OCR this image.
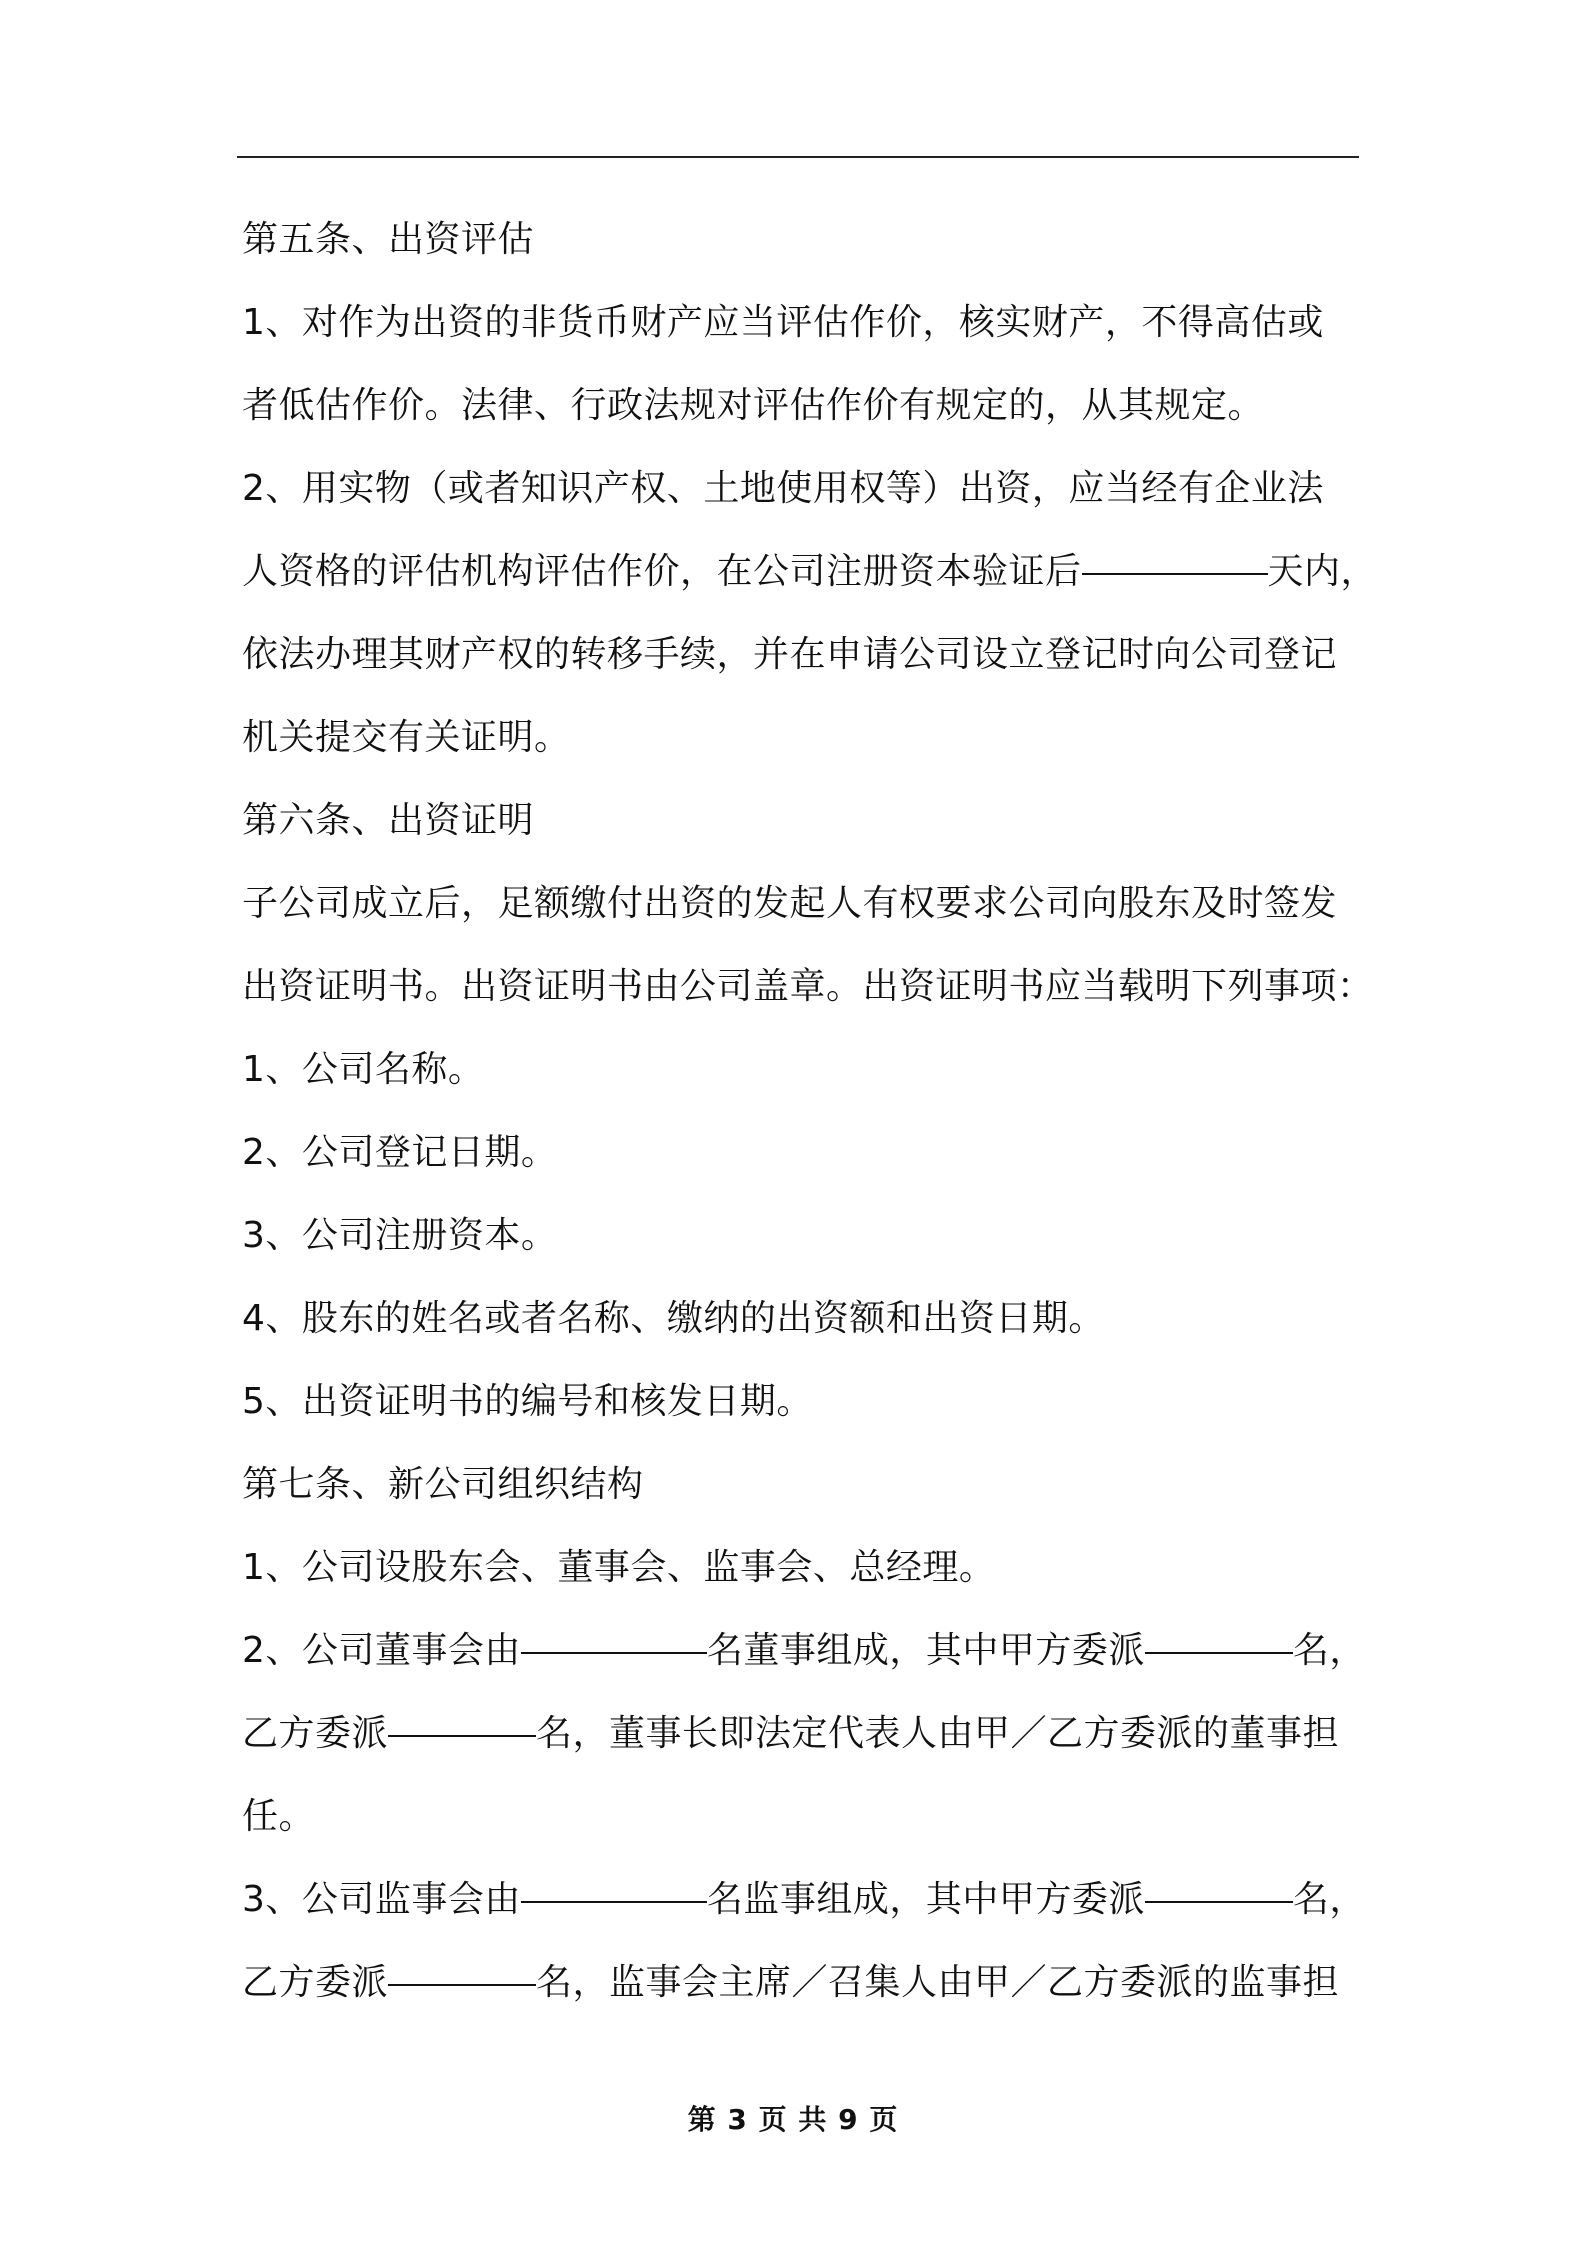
第五条、出资评估
1、对作为出资的非货币财产应当评估作价，核实财产，不得高估或
者低估作价。法律、行政法规对评估作价有规定的，从其规定。
2、用实物（或者知识产权、土地使用权等）出资，应当经有企业法
人资格的评估机构评估作价，在公司注册资本验证后	天内，
依法办理其财产权的转移手续，并在申请公司设立登记时向公司登记
机关提交有关证明。
第六条、出资证明
子公司成立后，足额缴付出资的发起人有权要求公司向股东及时签发
出资证明书。出资证明书由公司盖章。出资证明书应当载明下列事项：
1、公司名称。
2、公司登记日期。
3、公司注册资本。
4、股东的姓名或者名称、缴纳的出资额和出资日期。
5、出资证明书的编号和核发日期。
第七条、新公司组织结构
1、公司设股东会、董事会、监事会、总经理。
2、公司董事会由	名董事组成，其中甲方委派	名，
乙方委派	名，董事长即法定代表人由甲／乙方委派的董事担
任。
3、公司监事会由	名监事组成，其中甲方委派	名，
乙方委派	名，监事会主席／召集人由甲／乙方委派的监事担
第 3 页 共 9 页
